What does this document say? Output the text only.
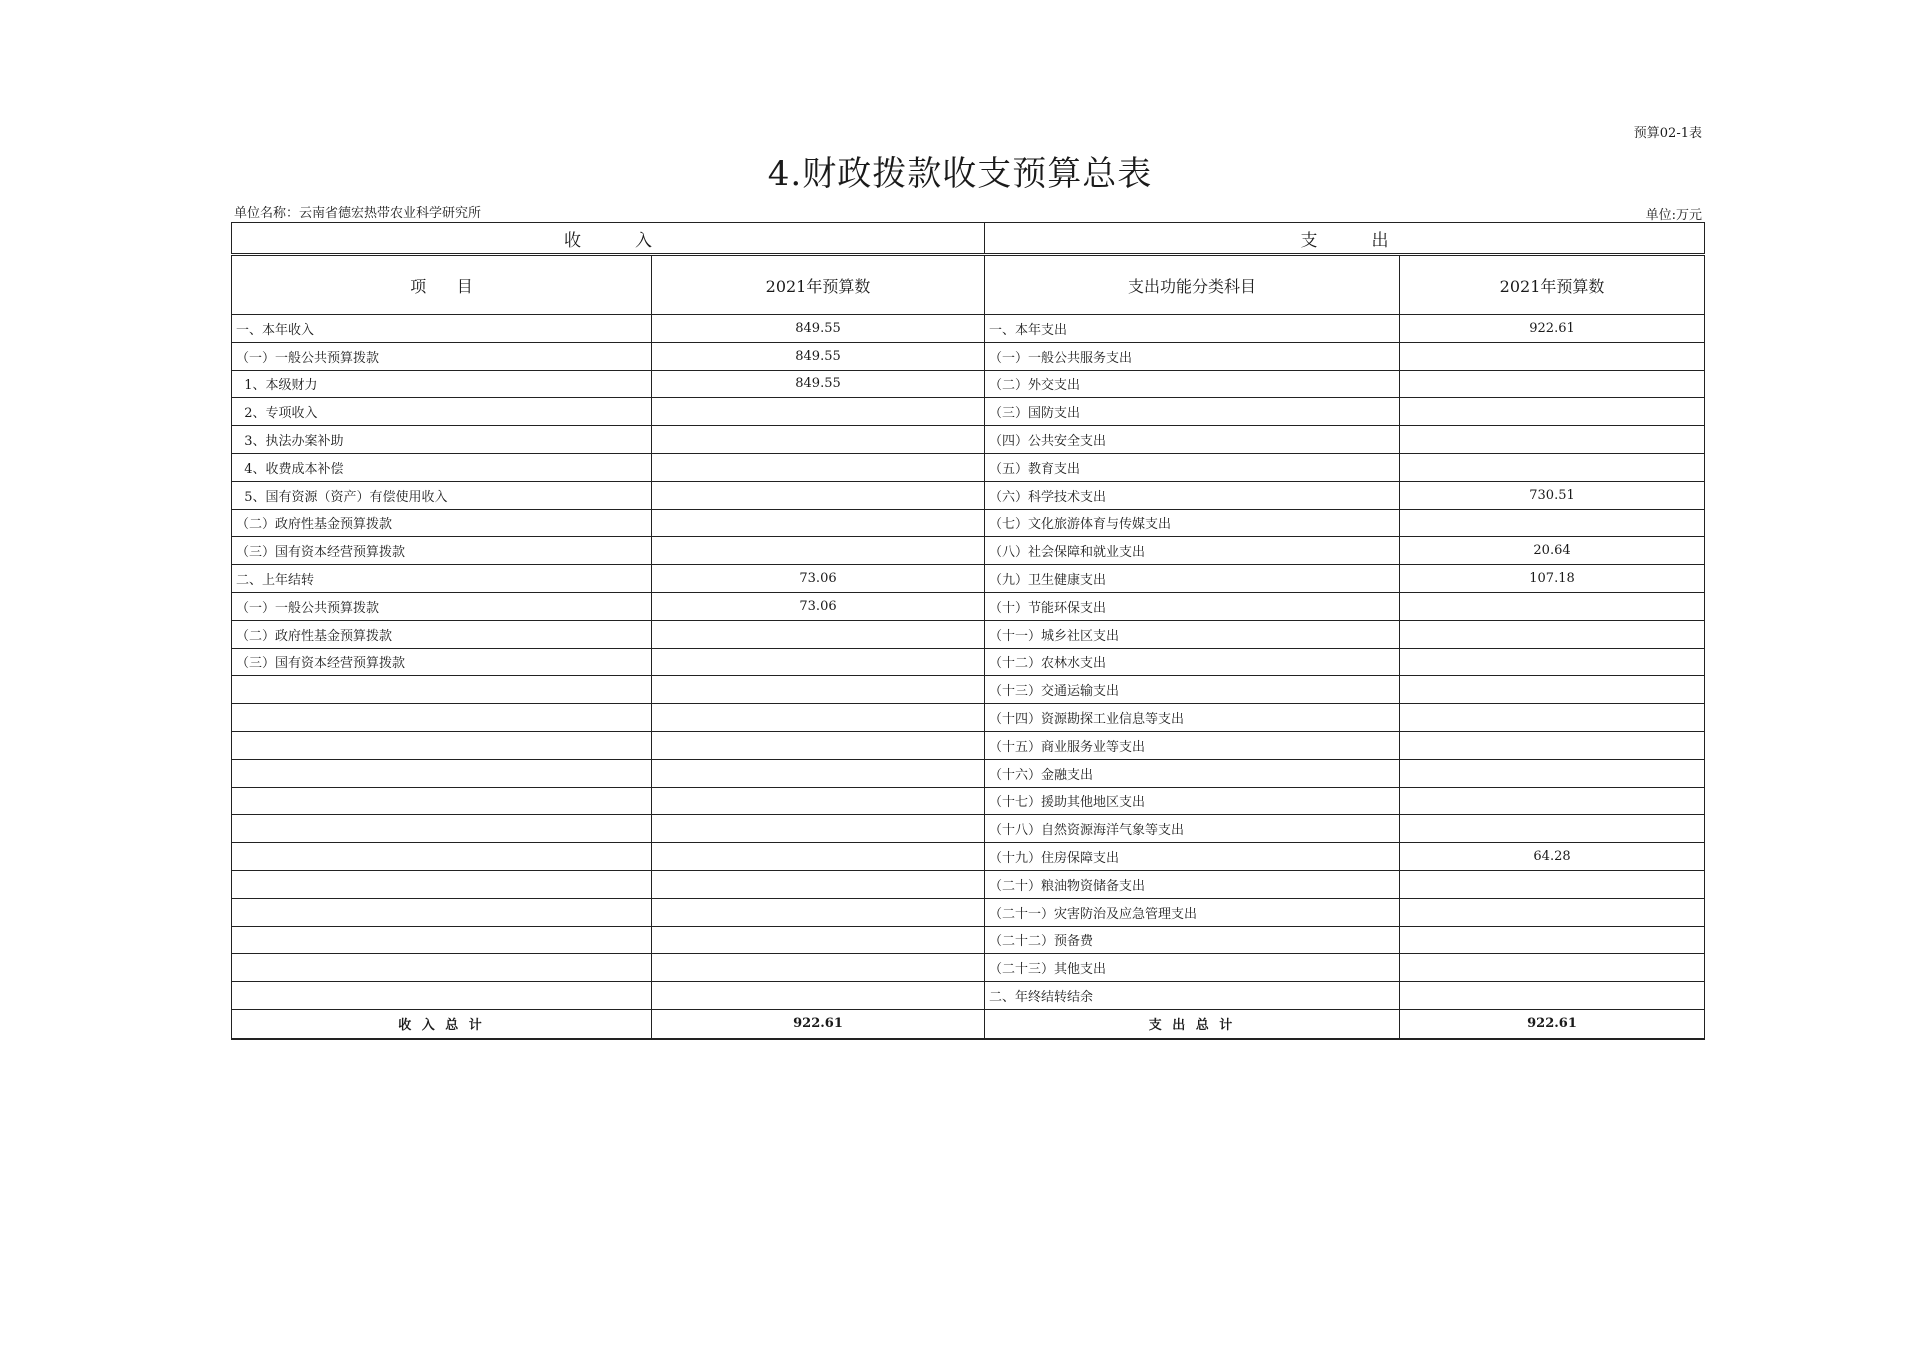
预算02-1表
4.财政拨款收支预算总表
单位名称：云南省德宏热带农业科学研究所	单位:万元
收          入		支          出	
项      目	2021年预算数	支出功能分类科目	2021年预算数
一、本年收入	849.55	一、本年支出	922.61
（一）一般公共预算拨款	849.55	（一）一般公共服务支出	
1、本级财力	849.55	（二）外交支出	
2、专项收入		（三）国防支出	
3、执法办案补助		（四）公共安全支出	
4、收费成本补偿		（五）教育支出	
5、国有资源（资产）有偿使用收入		（六）科学技术支出	730.51
（二）政府性基金预算拨款		（七）文化旅游体育与传媒支出	
（三）国有资本经营预算拨款		（八）社会保障和就业支出	20.64
二、上年结转	73.06	（九）卫生健康支出	107.18
（一）一般公共预算拨款	73.06	（十）节能环保支出	
（二）政府性基金预算拨款		（十一）城乡社区支出	
（三）国有资本经营预算拨款		（十二）农林水支出	
		（十三）交通运输支出	
		（十四）资源勘探工业信息等支出	
		（十五）商业服务业等支出	
		（十六）金融支出	
		（十七）援助其他地区支出	
		（十八）自然资源海洋气象等支出	
		（十九）住房保障支出	64.28
		（二十）粮油物资储备支出	
		（二十一）灾害防治及应急管理支出	
		（二十二）预备费	
		（二十三）其他支出	
		二、年终结转结余	
收 入 总 计	922.61	支 出 总 计	922.61
